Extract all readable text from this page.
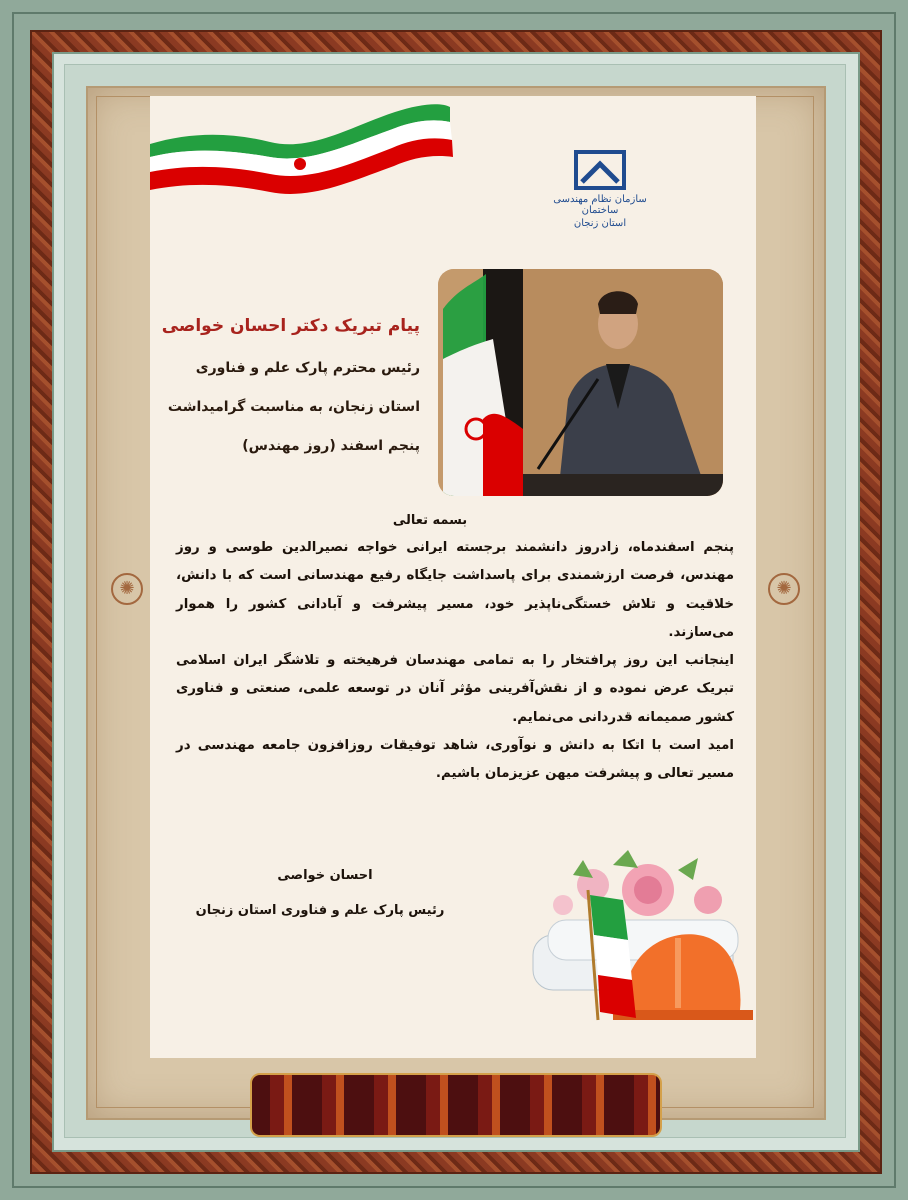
✺	✺
سازمان نظام مهندسی ساختمان
استان زنجان
پیام تبریک دکتر احسان خواصی
رئیس محترم پارک علم و فناوری
استان زنجان، به مناسبت گرامیداشت
پنجم اسفند (روز مهندس)
بسمه تعالی

پنجم اسفندماه، زادروز دانشمند برجسته ایرانی خواجه نصیرالدین طوسی و روز مهندس، فرصت ارزشمندی برای پاسداشت جایگاه رفیع مهندسانی است که با دانش، خلاقیت و تلاش خستگی‌ناپذیر خود، مسیر پیشرفت و آبادانی کشور را هموار می‌سازند.

اینجانب این روز پرافتخار را به تمامی مهندسان فرهیخته و تلاشگر ایران اسلامی تبریک عرض نموده و از نقش‌آفرینی مؤثر آنان در توسعه علمی، صنعتی و فناوری کشور صمیمانه قدردانی می‌نمایم.

امید است با اتکا به دانش و نوآوری، شاهد توفیقات روزافزون جامعه مهندسی در مسیر تعالی و پیشرفت میهن عزیزمان باشیم.

احسان خواصی
رئیس پارک علم و فناوری استان زنجان
